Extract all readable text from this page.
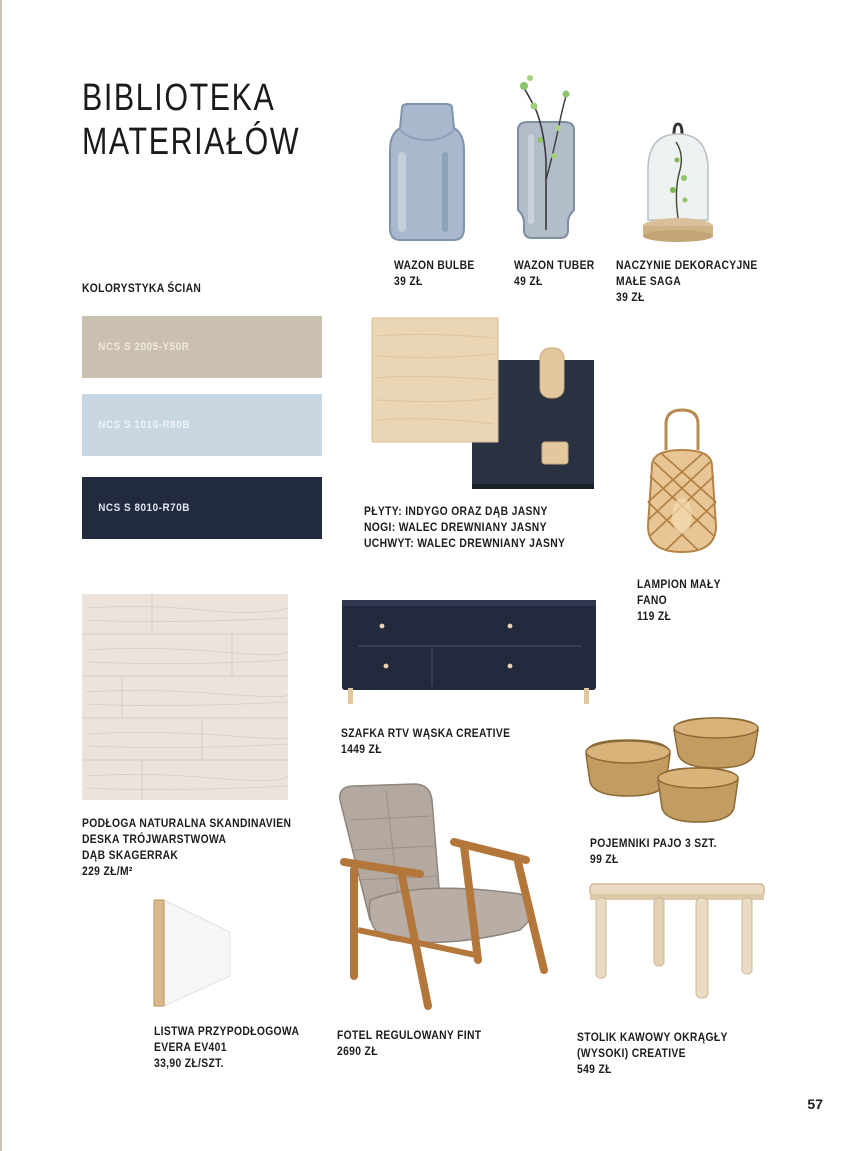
BIBLIOTEKA
MATERIAŁÓW
KOLORYSTYKA ŚCIAN
NCS S 2005-Y50R
NCS S 1010-R80B
NCS S 8010-R70B
WAZON BULBE
39 ZŁ
WAZON TUBER
49 ZŁ
NACZYNIE DEKORACYJNE
MAŁE SAGA
39 ZŁ
PŁYTY: INDYGO ORAZ DĄB JASNY
NOGI: WALEC DREWNIANY JASNY
UCHWYT: WALEC DREWNIANY JASNY
LAMPION MAŁY
FANO
119 ZŁ
PODŁOGA NATURALNA SKANDINAVIEN
DESKA TRÓJWARSTWOWA
DĄB SKAGERRAK
229 ZŁ/M²
SZAFKA RTV WĄSKA CREATIVE
1449 ZŁ
POJEMNIKI PAJO 3 SZT.
99 ZŁ
LISTWA PRZYPODŁOGOWA
EVERA EV401
33,90 ZŁ/SZT.
FOTEL REGULOWANY FINT
2690 ZŁ
STOLIK KAWOWY OKRĄGŁY
(WYSOKI) CREATIVE
549 ZŁ
57
